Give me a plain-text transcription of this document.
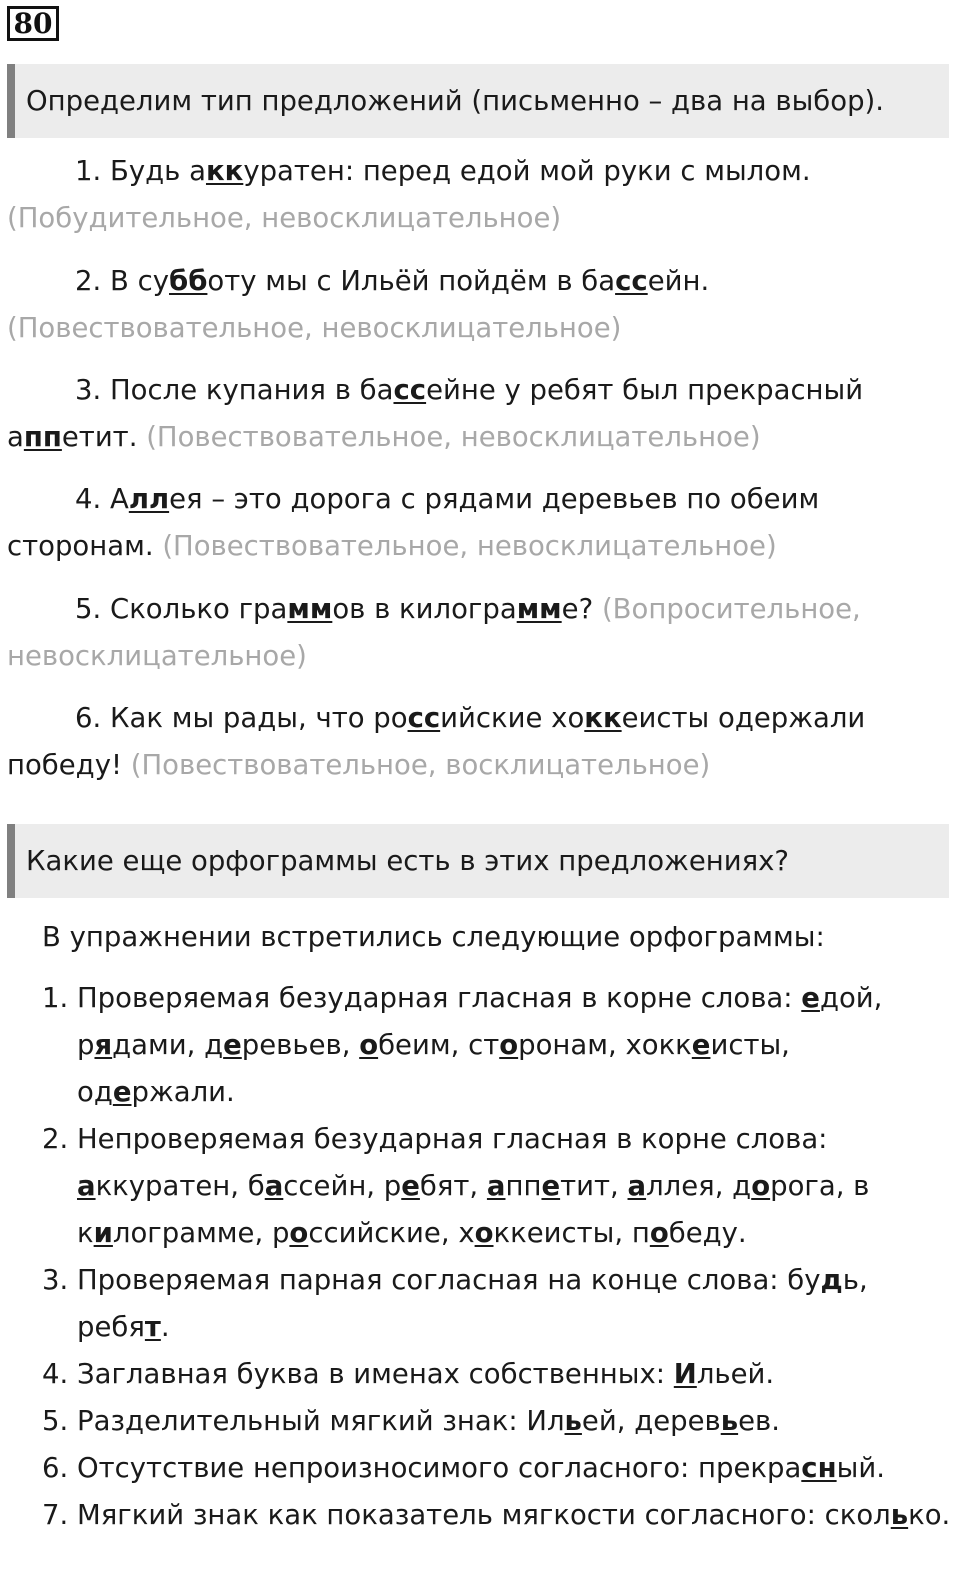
80
Определим тип предложений (письменно – два на выбор).
1. Будь аккуратен: перед едой мой руки с мылом. (Побудительное, невосклицательное)
2. В субботу мы с Ильёй пойдём в бассейн. (Повествовательное, невосклицательное)
3. После купания в бассейне у ребят был прекрасный аппетит. (Повествовательное, невосклицательное)
4. Аллея – это дорога с рядами деревьев по обеим сторонам. (Повествовательное, невосклицательное)
5. Сколько граммов в килограмме? (Вопросительное, невосклицательное)
6. Как мы рады, что российские хоккеисты одержали победу! (Повествовательное, восклицательное)
Какие еще орфограммы есть в этих предложениях?
В упражнении встретились следующие орфограммы:
1. Проверяемая безударная гласная в корне слова: едой, рядами, деревьев, обеим, сторонам, хоккеисты, одержали.
2. Непроверяемая безударная гласная в корне слова: аккуратен, бассейн, ребят, аппетит, аллея, дорога, в килограмме, российские, хоккеисты, победу.
3. Проверяемая парная согласная на конце слова: будь, ребят.
4. Заглавная буква в именах собственных: Ильей.
5. Разделительный мягкий знак: Ильей, деревьев.
6. Отсутствие непроизносимого согласного: прекрасный.
7. Мягкий знак как показатель мягкости согласного: сколько.
